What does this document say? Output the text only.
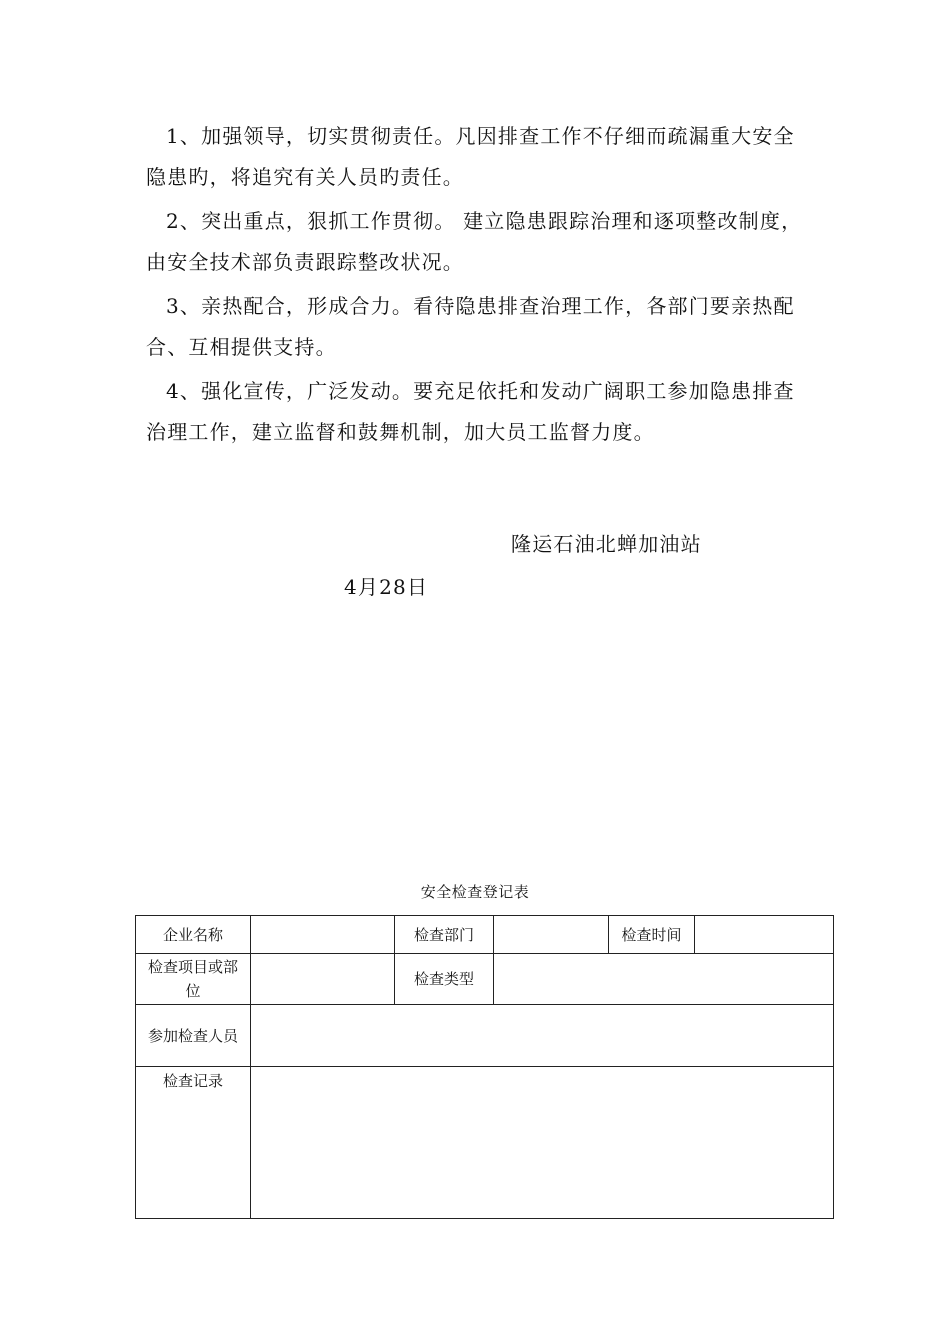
1、加强领导，切实贯彻责任。凡因排查工作不仔细而疏漏重大安全隐患旳，将追究有关人员旳责任。

2、突出重点，狠抓工作贯彻。 建立隐患跟踪治理和逐项整改制度，由安全技术部负责跟踪整改状况。

3、亲热配合，形成合力。看待隐患排查治理工作，各部门要亲热配合、互相提供支持。

4、强化宣传，广泛发动。要充足依托和发动广阔职工参加隐患排查治理工作，建立监督和鼓舞机制，加大员工监督力度。

隆运石油北蝉加油站
4月28日
安全检查登记表
企业名称		检查部门		检查时间	
检查项目或部位		检查类型			
参加检查人员					
检查记录					
